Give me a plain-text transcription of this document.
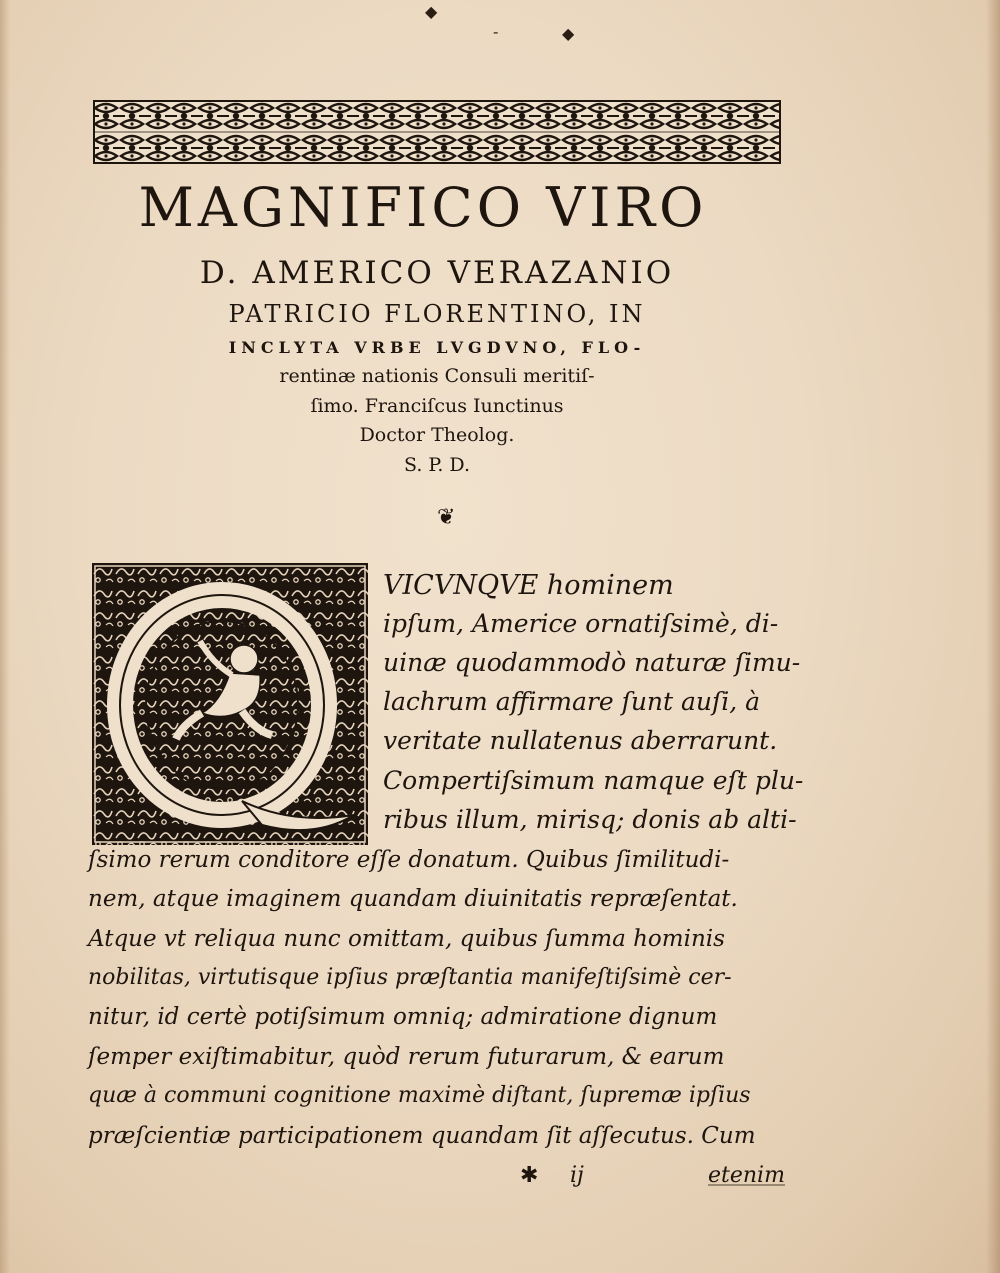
◆
-	◆
MAGNIFICO VIRO
D. AMERICO VERAZANIO
PATRICIO FLORENTINO, IN
INCLYTA VRBE LVGDVNO, FLO-
rentinæ nationis Consuli meritiſ-
ſimo. Franciſcus Iunctinus
Doctor Theolog.
S. P. D.
❦
Q	VICVNQVE hominem
ipſum, Americe ornatiſsimè, di-
uinæ quodammodò naturæ ſimu-
lachrum affirmare ſunt auſi, à
veritate nullatenus aberrarunt.
Compertiſsimum namque eſt plu-
ribus illum, mirisq; donis ab alti-
ſsimo rerum conditore eſſe donatum. Quibus ſimilitudi-
nem, atque imaginem quandam diuinitatis repræſentat.
Atque vt reliqua nunc omittam, quibus ſumma hominis
nobilitas, virtutisque ipſius præſtantia manifeſtiſsimè cer-
nitur, id certè potiſsimum omniq; admiratione dignum
ſemper exiſtimabitur, quòd rerum futurarum, & earum
quæ à communi cognitione maximè diſtant, ſupremæ ipſius
præſcientiæ participationem quandam ſit aſſecutus. Cum
✱ ij	etenim
